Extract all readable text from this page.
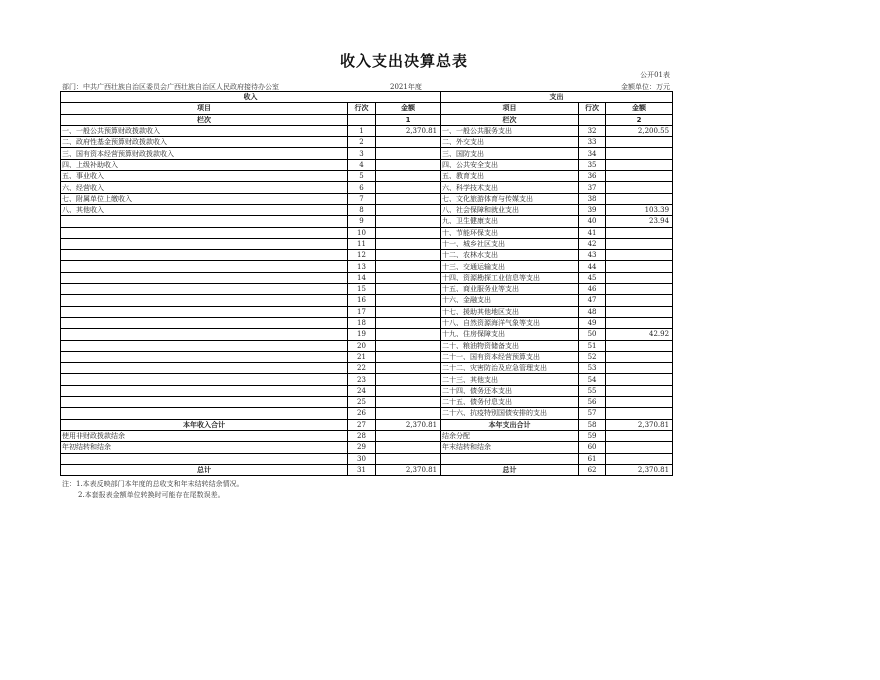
收入支出决算总表
公开01表
部门：中共广西壮族自治区委员会广西壮族自治区人民政府接待办公室	2021年度	金额单位：万元
收入			支出		
项目	行次	金额	项目	行次	金额
栏次		1	栏次		2
一、一般公共预算财政拨款收入	1	2,370.81	一、一般公共服务支出	32	2,200.55
二、政府性基金预算财政拨款收入	2		二、外交支出	33	
三、国有资本经营预算财政拨款收入	3		三、国防支出	34	
四、上级补助收入	4		四、公共安全支出	35	
五、事业收入	5		五、教育支出	36	
六、经营收入	6		六、科学技术支出	37	
七、附属单位上缴收入	7		七、文化旅游体育与传媒支出	38	
八、其他收入	8		八、社会保障和就业支出	39	103.39
	9		九、卫生健康支出	40	23.94
	10		十、节能环保支出	41	
	11		十一、城乡社区支出	42	
	12		十二、农林水支出	43	
	13		十三、交通运输支出	44	
	14		十四、资源勘探工业信息等支出	45	
	15		十五、商业服务业等支出	46	
	16		十六、金融支出	47	
	17		十七、援助其他地区支出	48	
	18		十八、自然资源海洋气象等支出	49	
	19		十九、住房保障支出	50	42.92
	20		二十、粮油物资储备支出	51	
	21		二十一、国有资本经营预算支出	52	
	22		二十二、灾害防治及应急管理支出	53	
	23		二十三、其他支出	54	
	24		二十四、债务还本支出	55	
	25		二十五、债务付息支出	56	
	26		二十六、抗疫特别国债安排的支出	57	
本年收入合计	27	2,370.81	本年支出合计	58	2,370.81
使用非财政拨款结余	28		结余分配	59	
年初结转和结余	29		年末结转和结余	60	
	30			61	
总计	31	2,370.81	总计	62	2,370.81
注：1.本表反映部门本年度的总收支和年末结转结余情况。
2.本套报表金额单位转换时可能存在尾数误差。
